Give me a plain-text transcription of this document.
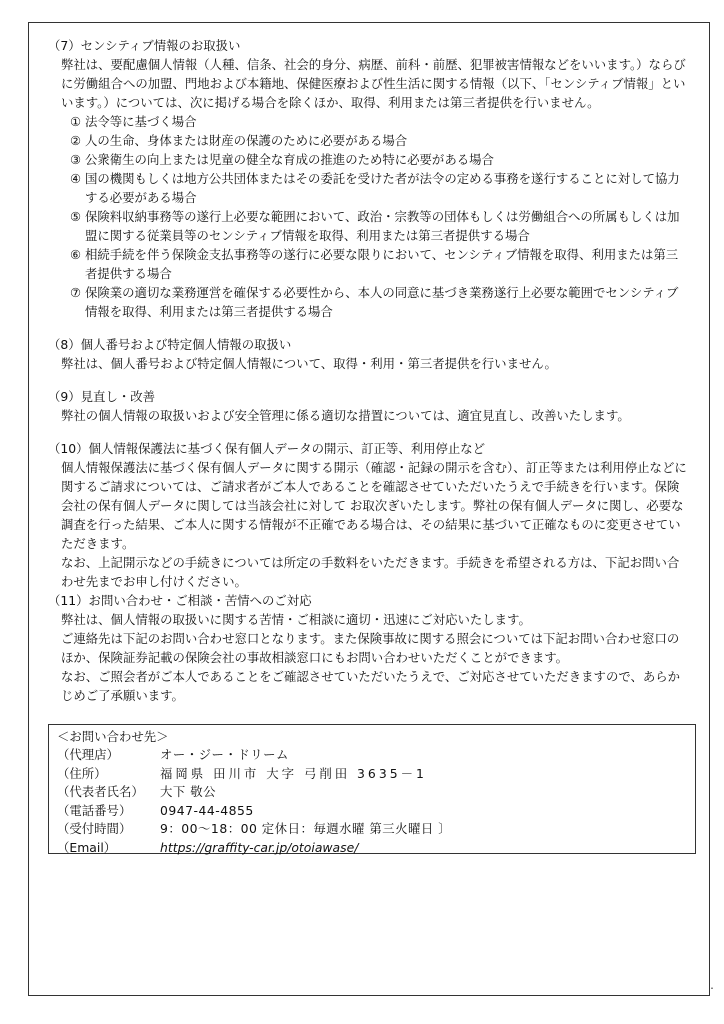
（7）センシティブ情報のお取扱い

弊社は、要配慮個人情報（人種、信条、社会的身分、病歴、前科・前歴、犯罪被害情報などをいいます。）ならびに労働組合への加盟、門地および本籍地、保健医療および性生活に関する情報（以下、「センシティブ情報」といいます。）については、次に掲げる場合を除くほか、取得、利用または第三者提供を行いません。

① 法令等に基づく場合
② 人の生命、身体または財産の保護のために必要がある場合
③ 公衆衛生の向上または児童の健全な育成の推進のため特に必要がある場合
④ 国の機関もしくは地方公共団体またはその委託を受けた者が法令の定める事務を遂行することに対して協力する必要がある場合
⑤ 保険料収納事務等の遂行上必要な範囲において、政治・宗教等の団体もしくは労働組合への所属もしくは加盟に関する従業員等のセンシティブ情報を取得、利用または第三者提供する場合
⑥ 相続手続を伴う保険金支払事務等の遂行に必要な限りにおいて、センシティブ情報を取得、利用または第三者提供する場合
⑦ 保険業の適切な業務運営を確保する必要性から、本人の同意に基づき業務遂行上必要な範囲でセンシティブ情報を取得、利用または第三者提供する場合

（8）個人番号および特定個人情報の取扱い

弊社は、個人番号および特定個人情報について、取得・利用・第三者提供を行いません。

（9）見直し・改善

弊社の個人情報の取扱いおよび安全管理に係る適切な措置については、適宜見直し、改善いたします。

（10）個人情報保護法に基づく保有個人データの開示、訂正等、利用停止など

個人情報保護法に基づく保有個人データに関する開示（確認・記録の開示を含む）、訂正等または利用停止などに関するご請求については、ご請求者がご本人であることを確認させていただいたうえで手続きを行います。保険会社の保有個人データに関しては当該会社に対して お取次ぎいたします。弊社の保有個人データに関し、必要な調査を行った結果、ご本人に関する情報が不正確である場合は、その結果に基づいて正確なものに変更させていただきます。

なお、上記開示などの手続きについては所定の手数料をいただきます。手続きを希望される方は、下記お問い合わせ先までお申し付けください。

（11）お問い合わせ・ご相談・苦情へのご対応

弊社は、個人情報の取扱いに関する苦情・ご相談に適切・迅速にご対応いたします。

ご連絡先は下記のお問い合わせ窓口となります。また保険事故に関する照会については下記お問い合わせ窓口のほか、保険証券記載の保険会社の事故相談窓口にもお問い合わせいただくことができます。

なお、ご照会者がご本人であることをご確認させていただいたうえで、ご対応させていただきますので、あらかじめご了承願います。

＜お問い合わせ先＞

（代理店）	オー・ジー・ドリーム
（住所）	福岡県 田川市 大字 弓削田 3635－1
（代表者氏名）	大下 敬公
（電話番号）	0947-44-4855
（受付時間）	9：00～18：00 定休日：毎週水曜 第三火曜日 〕
（Email）	https://graffity-car.jp/otoiawase/
・
